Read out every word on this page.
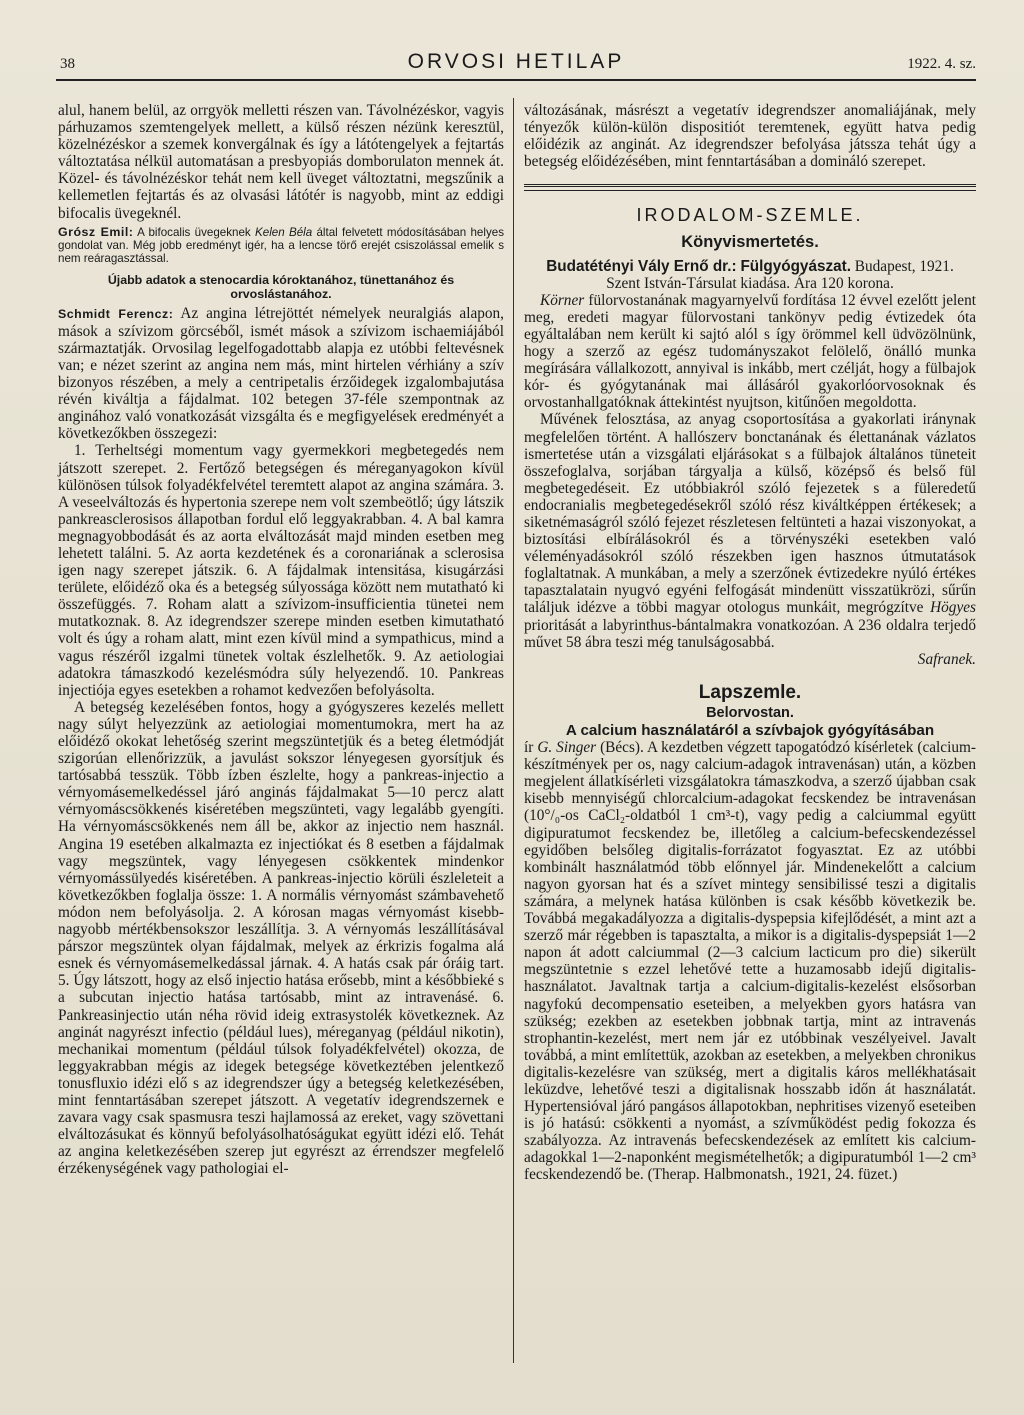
38	ORVOSI HETILAP	1922. 4. sz.

alul, hanem belül, az orrgyök melletti részen van. Távolnézéskor, vagyis párhuzamos szemtengelyek mellett, a külső részen nézünk keresztül, közelnézéskor a szemek konvergálnak és így a látótengelyek a fejtartás változtatása nélkül automatásan a presbyopiás domborulaton mennek át. Közel- és távolnézéskor tehát nem kell üveget változtatni, megszűnik a kellemetlen fejtartás és az olvasási látótér is nagyobb, mint az eddigi bifocalis üvegeknél.

Grósz Emil: A bifocalis üvegeknek Kelen Béla által felvetett módosításában helyes gondolat van. Még jobb eredményt igér, ha a lencse törő erejét csiszolással emelik s nem reáragasztással.

Újabb adatok a stenocardia kóroktanához, tünettanához és orvoslástanához.

Schmidt Ferencz: Az angina létrejöttét némelyek neuralgiás alapon, mások a szívizom görcséből, ismét mások a szívizom ischaemiájából származtatják. Orvosilag legelfogadottabb alapja ez utóbbi feltevésnek van; e nézet szerint az angina nem más, mint hirtelen vérhiány a szív bizonyos részében, a mely a centripetalis érzőidegek izgalombajutása révén kiváltja a fájdalmat. 102 betegen 37-féle szempontnak az anginához való vonatkozását vizsgálta és e megfigyelések eredményét a következőkben összegezi:

1. Terheltségi momentum vagy gyermekkori megbetegedés nem játszott szerepet. 2. Fertőző betegségen és méreganyagokon kívül különösen túlsok folyadékfelvétel teremtett alapot az angina számára. 3. A veseelváltozás és hypertonia szerepe nem volt szembeötlő; úgy látszik pankreasclerosisos állapotban fordul elő leggyakrabban. 4. A bal kamra megnagyobbodását és az aorta elváltozását majd minden esetben meg lehetett találni. 5. Az aorta kezdetének és a coronariának a sclerosisa igen nagy szerepet játszik. 6. A fájdalmak intensitása, kisugárzási területe, előidéző oka és a betegség súlyossága között nem mutatható ki összefüggés. 7. Roham alatt a szívizom-insufficientia tünetei nem mutatkoznak. 8. Az idegrendszer szerepe minden esetben kimutatható volt és úgy a roham alatt, mint ezen kívül mind a sympathicus, mind a vagus részéről izgalmi tünetek voltak észlelhetők. 9. Az aetiologiai adatokra támaszkodó kezelésmódra súly helyezendő. 10. Pankreas injectiója egyes esetekben a rohamot kedvezően befolyásolta.

A betegség kezelésében fontos, hogy a gyógyszeres kezelés mellett nagy súlyt helyezzünk az aetiologiai momentumokra, mert ha az előidéző okokat lehetőség szerint megszüntetjük és a beteg életmódját szigorúan ellenőrizzük, a javulást sokszor lényegesen gyorsítjuk és tartósabbá tesszük. Több ízben észlelte, hogy a pankreas-injectio a vérnyomásemelkedéssel járó anginás fájdalmakat 5—10 percz alatt vérnyomáscsökkenés kiséretében megszünteti, vagy legalább gyengíti. Ha vérnyomáscsökkenés nem áll be, akkor az injectio nem használ. Angina 19 esetében alkalmazta ez injectiókat és 8 esetben a fájdalmak vagy megszüntek, vagy lényegesen csökkentek mindenkor vérnyomássülyedés kiséretében. A pankreas-injectio körüli észleleteit a következőkben foglalja össze: 1. A normális vérnyomást számbavehető módon nem befolyásolja. 2. A kórosan magas vérnyomást kisebb-nagyobb mértékbensokszor leszállítja. 3. A vérnyomás leszállításával párszor megszüntek olyan fájdalmak, melyek az érkrizis fogalma alá esnek és vérnyomásemelkedással járnak. 4. A hatás csak pár óráig tart. 5. Úgy látszott, hogy az első injectio hatása erősebb, mint a későbbieké s a subcutan injectio hatása tartósabb, mint az intravenásé. 6. Pankreasinjectio után néha rövid ideig extrasystolék következnek. Az anginát nagyrészt infectio (például lues), méreganyag (például nikotin), mechanikai momentum (például túlsok folyadékfelvétel) okozza, de leggyakrabban mégis az idegek betegsége következtében jelentkező tonusfluxio idézi elő s az idegrendszer úgy a betegség keletkezésében, mint fenntartásában szerepet játszott. A vegetatív idegrendszernek e zavara vagy csak spasmusra teszi hajlamossá az ereket, vagy szövettani elváltozásukat és könnyű befolyásolhatóságukat együtt idézi elő. Tehát az angina keletkezésében szerep jut egyrészt az érrendszer megfelelő érzékenységének vagy pathologiai el-

változásának, másrészt a vegetatív idegrendszer anomaliájának, mely tényezők külön-külön dispositiót teremtenek, együtt hatva pedig előidézik az anginát. Az idegrendszer befolyása játssza tehát úgy a betegség előidézésében, mint fenntartásában a domináló szerepet.

IRODALOM-SZEMLE.
Könyvismertetés.
Budatétényi Vály Ernő dr.: Fülgyógyászat. Budapest, 1921.
Szent István-Társulat kiadása. Ára 120 korona.

Körner fülorvostanának magyarnyelvű fordítása 12 évvel ezelőtt jelent meg, eredeti magyar fülorvostani tankönyv pedig évtizedek óta egyáltalában nem került ki sajtó alól s így örömmel kell üdvözölnünk, hogy a szerző az egész tudományszakot felölelő, önálló munka megírására vállalkozott, annyival is inkább, mert czélját, hogy a fülbajok kór- és gyógytanának mai állásáról gyakorlóorvosoknak és orvostanhallgatóknak áttekintést nyujtson, kitűnően megoldotta.

Művének felosztása, az anyag csoportosítása a gyakorlati iránynak megfelelően történt. A hallószerv bonctanának és élettanának vázlatos ismertetése után a vizsgálati eljárásokat s a fülbajok általános tüneteit összefoglalva, sorjában tárgyalja a külső, középső és belső fül megbetegedéseit. Ez utóbbiakról szóló fejezetek s a füleredetű endocranialis megbetegedésekről szóló rész kiváltképpen értékesek; a siketnémaságról szóló fejezet részletesen feltünteti a hazai viszonyokat, a biztosítási elbírálásokról és a törvényszéki esetekben való véleményadásokról szóló részekben igen hasznos útmutatások foglaltatnak. A munkában, a mely a szerzőnek évtizedekre nyúló értékes tapasztalatain nyugvó egyéni felfogását mindenütt visszatükrözi, sűrűn találjuk idézve a többi magyar otologus munkáit, megrógzítve Högyes prioritását a labyrinthus-bántalmakra vonatkozóan. A 236 oldalra terjedő művet 58 ábra teszi még tanulságosabbá.

Safranek.
Lapszemle.
Belorvostan.
A calcium használatáról a szívbajok gyógyításában

ír G. Singer (Bécs). A kezdetben végzett tapogatódzó kísérletek (calcium-készítmények per os, nagy calcium-adagok intravenásan) után, a közben megjelent állatkísérleti vizsgálatokra támaszkodva, a szerző újabban csak kisebb mennyiségű chlorcalcium-adagokat fecskendez be intravenásan (10°/₀-os CaCl₂-oldatból 1 cm³-t), vagy pedig a calciummal együtt digipuratumot fecskendez be, illetőleg a calcium-befecskendezéssel egyidőben belsőleg digitalis-forrázatot fogyasztat. Ez az utóbbi kombinált használatmód több előnnyel jár. Mindenekelőtt a calcium nagyon gyorsan hat és a szívet mintegy sensibilissé teszi a digitalis számára, a melynek hatása különben is csak később következik be. Továbbá megakadályozza a digitalis-dyspepsia kifejlődését, a mint azt a szerző már régebben is tapasztalta, a mikor is a digitalis-dyspepsiát 1—2 napon át adott calciummal (2—3 calcium lacticum pro die) sikerült megszüntetnie s ezzel lehetővé tette a huzamosabb idejű digitalis-használatot. Javaltnak tartja a calcium-digitalis-kezelést elsősorban nagyfokú decompensatio eseteiben, a melyekben gyors hatásra van szükség; ezekben az esetekben jobbnak tartja, mint az intravenás strophantin-kezelést, mert nem jár ez utóbbinak veszélyeivel. Javalt továbbá, a mint említettük, azokban az esetekben, a melyekben chronikus digitalis-kezelésre van szükség, mert a digitalis káros mellékhatásait leküzdve, lehetővé teszi a digitalisnak hosszabb időn át használatát. Hypertensióval járó pangásos állapotokban, nephritises vizenyő eseteiben is jó hatású: csökkenti a nyomást, a szívműködést pedig fokozza és szabályozza. Az intravenás befecskendezések az említett kis calcium-adagokkal 1—2-naponként megismételhetők; a digipuratumból 1—2 cm³ fecskendezendő be. (Therap. Halbmonatsh., 1921, 24. füzet.)
